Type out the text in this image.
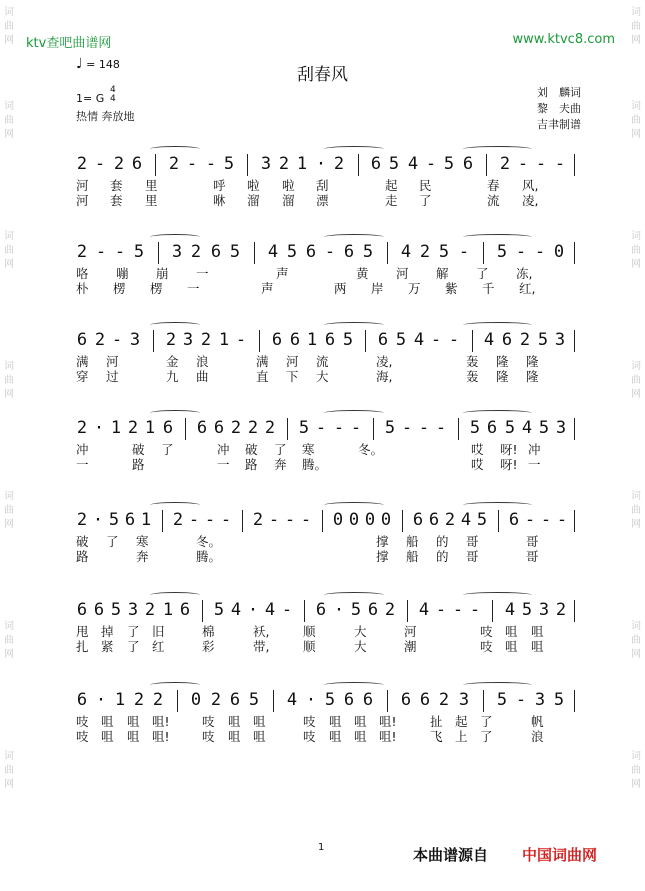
词曲网
词曲网
词曲网
词曲网
词曲网
词曲网
词曲网
词曲网
词曲网
词曲网
词曲网
词曲网
词曲网
词曲网
ktv查吧曲谱网	www.ktvc8.com
刮春风
♩ = 148
1= G
4
4
热情 奔放地
刘　麟词
黎　夫曲
吉聿制谱
2 - 2 6 2 - - 5 3 2 1 · 2 6 5 4 - 5 6 2 - - -
河 套 里	呼 啦 啦 刮	起 民	春 风,
河 套 里	咻 溜 溜 漂	走 了	流 凌,
2 - - 5 3 2 6 5 4 5 6 - 6 5 4 2 5 - 5 - - 0
咯 嘣 崩 一	声	黄 河 解 了 冻,
朴 楞 楞 一	声	两 岸 万 紫 千 红,
6 2 - 3 2 3 2 1 - 6 6 1 6 5 6 5 4 - - 4 6 2 5 3
满 河	金 浪	满 河 流	凌,	轰 隆 隆
穿 过	九 曲	直 下 大	海,	轰 隆 隆
2 · 1 2 1 6 6 6 2 2 2 5 - - - 5 - - - 5 6 5 4 5 3
冲	破 了	冲 破 了 寒	冬。	哎 呀! 冲
一	路	一 路 奔 腾。	哎 呀! 一
2 · 5 6 1 2 - - - 2 - - - 0 0 0 0 6 6 2 4 5 6 - - -
破 了 寒	冬。	撑 船 的 哥	哥
路	奔	腾。	撑 船 的 哥	哥
6 6 5 3 2 1 6 5 4 · 4 - 6 · 5 6 2 4 - - - 4 5 3 2
甩 掉 了 旧	棉	袄,	顺	大	河	吱 咀 咀
扎 紧 了 红	彩	带,	顺	大	潮	吱 咀 咀
6 · 1 2 2 0 2 6 5 4 · 5 6 6 6 6 2 3 5 - 3 5
吱 咀 咀 咀!	吱 咀 咀	吱 咀 咀 咀!	扯 起 了	帆
吱 咀 咀 咀!	吱 咀 咀	吱 咀 咀 咀!	飞 上 了	浪
1	本曲谱源自 中国词曲网
